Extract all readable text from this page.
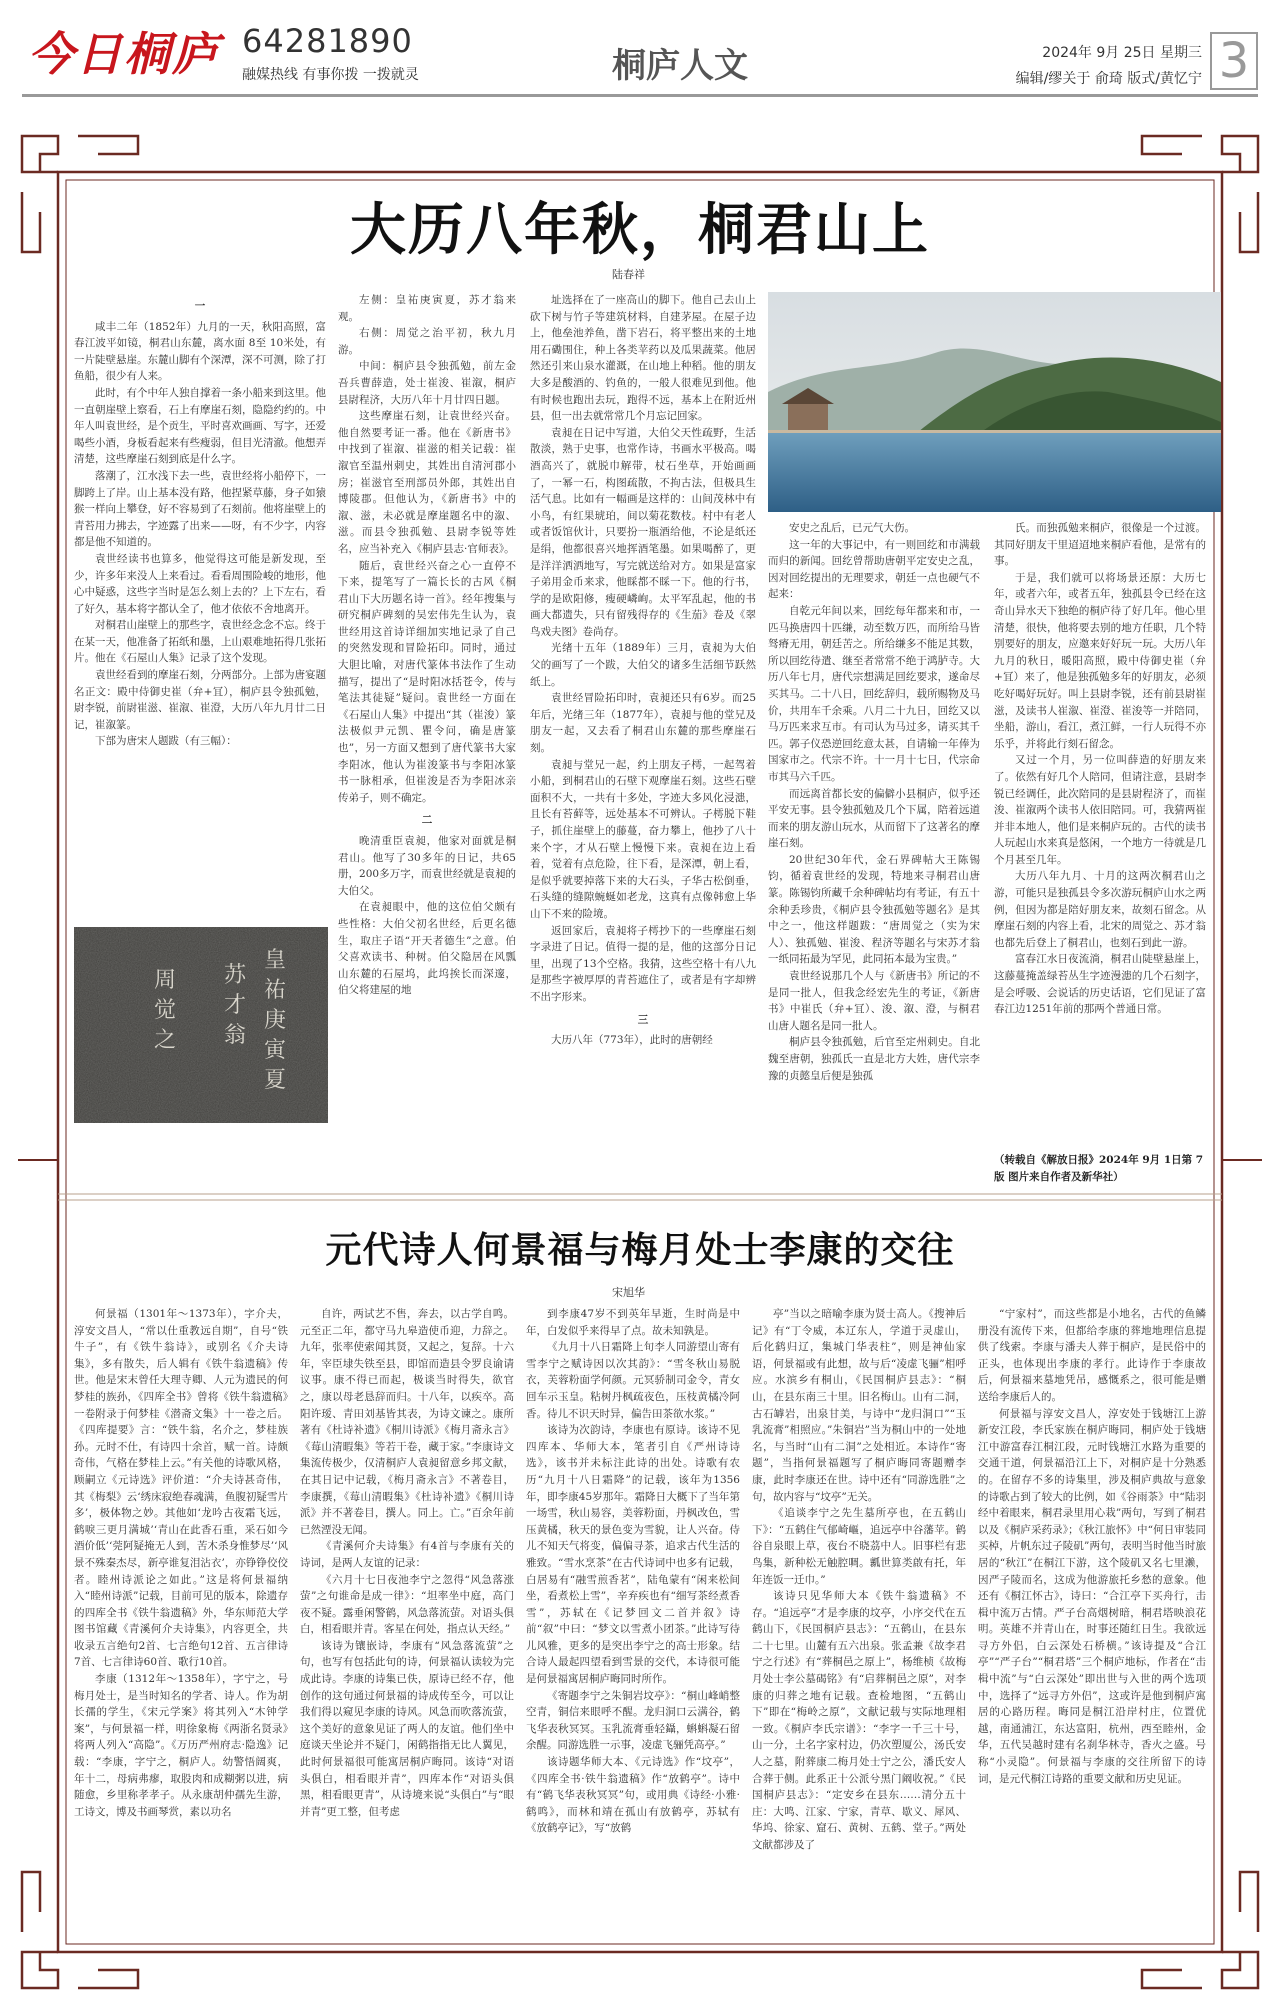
今日桐庐 64281890
融媒热线 有事你拨 一拨就灵	桐庐人文	2024年 9月 25日 星期三
编辑/缪关于 俞琦 版式/黄忆宁 3
大历八年秋，桐君山上
陆春祥

一

咸丰二年（1852年）九月的一天，秋阳高照，富春江波平如镜，桐君山东麓，离水面 8至 10米处，有一片陡壁悬崖。东麓山脚有个深潭，深不可测，除了打鱼船，很少有人来。

此时，有个中年人独自撑着一条小船来到这里。他一直朝崖壁上察看，石上有摩崖石刻，隐隐约约的。中年人叫袁世经，是个贡生，平时喜欢画画、写字，还爱喝些小酒，身板看起来有些瘦弱，但目光清澈。他想弄清楚，这些摩崖石刻到底是什么字。

落潮了，江水浅下去一些，袁世经将小船停下，一脚跨上了岸。山上基本没有路，他捏紧草藤，身子如猿猴一样向上攀登，好不容易到了石刻前。他将崖壁上的青苔用力拂去，字迹露了出来——呀，有不少字，内容都是他不知道的。

袁世经读书也算多，他觉得这可能是新发现，至少，许多年来没人上来看过。看看周围险峻的地形，他心中疑惑，这些字当时是怎么刻上去的？上下左右，看了好久，基本将字都认全了，他才依依不舍地离开。

对桐君山崖壁上的那些字，袁世经念念不忘。终于在某一天，他准备了拓纸和墨，上山艰难地拓得几张拓片。他在《石屋山人集》记录了这个发现。

袁世经看到的摩崖石刻，分两部分。上部为唐宴题名正文：殿中侍御史崔（弁+冝），桐庐县令独孤勉，尉李锐，前尉崔滋、崔溆、崔澄，大历八年九月廿二日记，崔溆篆。

下部为唐宋人题跋（有三幅）：

皇
祐
庚
寅
夏
苏
才
翁
周
觉
之

左侧：皇祐庚寅夏，苏才翁来观。

右侧：周觉之治平初，秋九月游。

中间：桐庐县令独孤勉，前左金吾兵曹薛造，处士崔浚、崔溆，桐庐县尉程济，大历八年十月廿四日题。

这些摩崖石刻，让袁世经兴奋。他自然要考证一番。他在《新唐书》中找到了崔溆、崔滋的相关记载：崔溆官至温州刺史，其姓出自清河郡小房；崔滋官至刑部员外郎，其姓出自博陵郡。但他认为，《新唐书》中的溆、滋，未必就是摩崖题名中的溆、滋。而县令独孤勉、县尉李锐等姓名，应当补充入《桐庐县志·官师表》。

随后，袁世经兴奋之心一直停不下来，提笔写了一篇长长的古风《桐君山下大历题名诗一首》。经年搜集与研究桐庐碑刻的吴宏伟先生认为，袁世经用这首诗详细加实地记录了自己的突然发现和冒险拓印。同时，通过大胆比喻，对唐代篆体书法作了生动描写，提出了“是时阳冰括苍令，传与笔法其徒疑”疑问。袁世经一方面在《石屋山人集》中提出“其（崔浚）篆法极似尹元凯、瞿令问，确是唐篆也”，另一方面又想到了唐代篆书大家李阳冰，他认为崔浚篆书与李阳冰篆书一脉相承，但崔浚是否为李阳冰亲传弟子，则不确定。

二

晚清重臣袁昶，他家对面就是桐君山。他写了30多年的日记，共65册，200多万字，而袁世经就是袁昶的大伯父。

在袁昶眼中，他的这位伯父颇有些性格：大伯父初名世经，后更名德生，取庄子语“开天者德生”之意。伯父喜欢读书、种树。伯父隐居在风瓢山东麓的石屋坞，此坞挨长而深邃，伯父将建屋的地

址选择在了一座高山的脚下。他自己去山上砍下树与竹子等建筑材料，自建茅屋。在屋子边上，他垒池养鱼，凿下岩石，将平整出来的土地用石磡围住，种上各类苹药以及瓜果蔬菜。他居然还引来山泉水灌溉，在山地上种稻。他的朋友大多是酸酒的、钓鱼的，一般人很难见到他。他有时候也跑出去玩，跑得不远，基本上在附近州县，但一出去就常常几个月忘记回家。

袁昶在日记中写道，大伯父天性疏野，生活散淡，熟于史事，也常作诗，书画水平极高。喝酒高兴了，就脱巾解带，杖石坐草，开始画画了，一幂一石，构图疏散，不拘古法，但极具生活气息。比如有一幅画是这样的：山间茂林中有小鸟，有红果琥珀，间以菊花数枝。村中有老人或者饭馆伙计，只要扮一瓶酒给他，不论是纸还是绢，他都很喜兴地挥酒笔墨。如果喝醉了，更是洋洋洒洒地写，写完就送给对方。如果是富家子弟用金币来求，他睬都不睬一下。他的行书，学的是欧阳修，瘦硬嶙峋。太平军乱起，他的书画大都遗失，只有留残得存的《生茄》卷及《翠鸟戏夫图》卷尚存。

光绪十五年（1889年）三月，袁昶为大伯父的画写了一个跋，大伯父的诸多生活细节跃然纸上。

袁世经冒险拓印时，袁昶还只有6岁。而25年后，光绪三年（1877年），袁昶与他的堂兄及朋友一起，又去看了桐君山东麓的那些摩崖石刻。

袁昶与堂兄一起，约上朋友子樗，一起驾着小船，到桐君山的石壁下观摩崖石刻。这些石壁面积不大，一共有十多处，字迹大多风化浸漶，且长有苔藓等，远处基本不可辨认。子樗脱下鞋子，抓住崖壁上的藤蔓，奋力攀上，他抄了八十来个字，才从石壁上慢慢下来。袁昶在边上看着，觉着有点危险，往下看，是深潭，朝上看，是似乎就要掉落下来的大石头，子华古松倒垂，石头缝的缝隙蜿蜒如老龙，这真有点像韩愈上华山下不来的险境。

返回家后，袁昶将子樗抄下的一些摩崖石刻字录进了日记。值得一提的是，他的这部分日记里，出现了13个空格。我猜，这些空格十有八九是那些字被厚厚的青苔遮住了，或者是有字却辨不出字形来。

三

大历八年（773年），此时的唐朝经

安史之乱后，已元气大伤。

这一年的大事记中，有一则回纥和市满载而归的新闻。回纥曾帮助唐朝平定安史之乱，因对回纥提出的无理要求，朝廷一点也硬气不起来：

自乾元年间以来，回纥每年都来和市，一匹马换唐四十匹缣，动至数万匹，而所给马皆驽瘠无用，朝廷苦之。所给缣多不能足其数，所以回纥待遣、继至者常常不绝于鸿胪寺。大历八年七月，唐代宗想满足回纥要求，遂命尽买其马。二十八日，回纥辞归，载所赐物及马价，共用车千余乘。八月二十九日，回纥又以马万匹来求互市。有司认为马过多，请买其千匹。郭子仪恐逆回纥意太甚，自请输一年俸为国家市之。代宗不许。十一月十七日，代宗命市其马六千匹。

而远离首都长安的偏僻小县桐庐，似乎还平安无事。县令独孤勉及几个下属，陪着远道而来的朋友游山玩水，从而留下了这著名的摩崖石刻。

20世纪30年代，金石界碑帖大王陈锡钧，循着袁世经的发现，特地来寻桐君山唐篆。陈锡钧所藏千余种碑帖均有考证，有五十余种丢珍贵，《桐庐县令独孤勉等题名》是其中之一，他这样题跋：“唐周觉之（实为宋人）、独孤勉、崔浚、程济等题名与宋苏才翁一纸同拓最为罕见，此同拓本最为宝贵。”

袁世经说那几个人与《新唐书》所记的不是同一批人，但我念经宏先生的考证，《新唐书》中崔氏（弁+冝）、浚、溆、澄，与桐君山唐人题名是同一批人。

桐庐县令独孤勉，后官至定州刺史。自北魏至唐朝，独孤氏一直是北方大姓，唐代宗李豫的贞懿皇后便是独孤

氏。而独孤勉来桐庐，很像是一个过渡。其同好朋友干里迢迢地来桐庐看他，是常有的事。

于是，我们就可以将场景还原：大历七年，或者六年，或者五年，独孤县令已经在这奇山异水天下独绝的桐庐待了好几年。他心里清楚，很快，他将要去别的地方任职，几个特别要好的朋友，应邀来好好玩一玩。大历八年九月的秋日，暖阳高照，殿中侍御史崔（弁+冝）来了，他是独孤勉多年的好朋友，必须吃好喝好玩好。叫上县尉李锐，还有前县尉崔滋，及读书人崔溆、崔澄、崔浚等一并陪同，坐船，游山，看江，煮江鲜，一行人玩得不亦乐乎，并将此行刻石留念。

又过一个月，另一位叫薛造的好朋友来了。依然有好几个人陪同，但请注意，县尉李锐已经调任，此次陪同的是县尉程济了，而崔浚、崔溆两个读书人依旧陪同。可，我猜两崔并非本地人，他们是来桐庐玩的。古代的读书人玩起山水来真是悠闲，一个地方一待就是几个月甚至几年。

大历八年九月、十月的这两次桐君山之游，可能只是独孤县令多次游玩桐庐山水之两例，但因为都是陪好朋友来，故刻石留念。从摩崖石刻的内容上看，北宋的周觉之、苏才翁也都先后登上了桐君山，也刻石到此一游。

富春江水日夜流淌，桐君山陡壁悬崖上，这藤蔓掩盖绿苔丛生字迹漫漶的几个石刻字，是会呼吸、会说话的历史话语，它们见证了富春江边1251年前的那两个普通日常。

（转载自《解放日报》2024年 9月 1日第 7版 图片来自作者及新华社）
元代诗人何景福与梅月处士李康的交往
宋旭华

何景福（1301年～1373年），字介夫，淳安文昌人，“常以仕重教远自期”，自号“铁牛子”，有《铁牛翁诗》，或别名《介夫诗集》，多有散失，后人辑有《铁牛翁遗稿》传世。他是宋末曾任大理寺卿、人元为遗民的何梦桂的族孙，《四库全书》曾将《铁牛翁遗稿》一卷附录于何梦桂《潜斋文集》十一卷之后。《四库提要》言：“铁牛翁，名介之，梦桂族孙。元时不仕，有诗四十余首，赋一首。诗颇奇伟，气格在梦桂上云。”有关他的诗歌风格，顾嗣立《元诗选》评价道：“介夫诗甚奇伟，其《梅梨》云‘绣床寂绝春魂满，鱼腹初疑雪片多’，极体物之妙。其他如‘龙吟古夜霜飞远，鹤唳三更月满城’‘青山在此香石重，采石如今酒价低’‘莞阿疑掩无人到，苦木杀身惟梦尽’‘风景不殊秦杰尽，新亭谁复泪沾衣’，亦铮铮佼佼者。睦州诗派论之如此。”这是将何景福纳入“睦州诗派”记载，目前可见的版本，除遗存的四库全书《铁牛翁遗稿》外，华东师范大学图书馆藏《青溪何介夫诗集》，内容更全，共收录五言绝句2首、七言绝句12首、五言律诗7首、七言律诗60首、歌行10首。

李康（1312年～1358年），字宁之，号梅月处士，是当时知名的学者、诗人。作为胡长孺的学生，《宋元学案》将其列入“木钟学案”，与何景福一样，明徐象梅《两浙名贤录》将两人列入“高隐”。《万历严州府志·隐逸》记载：“李康，字宁之，桐庐人。幼警悟阔爽，年十二，母病弗瘳，取股肉和成糊粥以进，病随愈，乡里称孝孝子。从永康胡仲孺先生游，工诗文，博及书画琴赏，素以功名

自许，两试艺不售，奔去，以古学自鸣。元至正二年，都守马九皋造使币迎，力辞之。九年，张率使索闻其贤，又起之，复辞。十六年，宰臣埭失铁至县，即馆而造县令罗良谕请议事。康不得已而起，极谈当时得失，欲官之，康以母老恳辞而归。十八年，以疾卒。高阳许瑷、青田刘基皆其表，为诗文谏之。康所著有《杜诗补遗》《桐川诗派》《梅月斋永言》《莓山清暇集》等若干卷，藏于家。”李康诗文集流传极少，仅清桐庐人袁昶留意乡邦文献，在其日记中记载，《梅月斋永言》不著卷目，李康撰，《莓山清暇集》《杜诗补遗》《桐川诗派》并不著卷目，撰人。同上。亡。”百余年前已然湮没无闻。

《青溪何介夫诗集》有4首与李康有关的诗词，是两人友谊的记录：

《六月十七日夜池李宁之忽得“风急落涨萤”之句谁命是成一律》：“坦率坐中庭，高门夜不疑。露垂闲警鹤，风急落流萤。对语头俱白，相看眼并青。客星在何处，指点认天经。”

该诗为镶嵌诗，李康有“风急落流萤”之句，也写有包括此句的诗，何景福认读较为完成此诗。李康的诗集已佚，原诗已经不存，他创作的这句通过何景福的诗成传至今，可以让我们得以窥见李康的诗风。风急而吹落流萤，这个美好的意象见证了两人的友谊。他们坐中庭谈天坐论并不疑门，闲鹤指指无比人翼见，此时何景福很可能寓居桐庐晦同。该诗“对语头俱白，相看眼并青”，四库本作“对语头俱黑，相看眼更青”，从诗境来说“头俱白”与“眼并青”更工整，但考虑

到李康47岁不到英年早逝，生时尚是中年，白发似乎来得早了点。故未知孰是。

《九月十八日霜降上旬李人同游望山寄有雪李宁之赋诗因以次其韵》：“雪冬秋山易脱衣，芙蓉粉面学何颜。元冥骄制司金令，青女回车示玉皇。粘树丹枫疏夜色，压枝黄橘冷阿香。待儿不识天时异，偏告田茶欲水浆。”

该诗为次韵诗，李康也有原诗。该诗不见四库本、华师大本，笔者引自《严州诗诗选》，该书并未标注此诗的出处。诗歌有农历“九月十八日霜降”的记载，该年为1356年，即李康45岁那年。霜降日大概下了当年第一场雪，秋山易容，美蓉粉面，丹枫改色，雪压黄橘，秋天的景色变为雪貌，让人兴奋。侍儿不知天气将变，偏偏寻茶，追求古代生活的雅致。“雪水烹茶”在古代诗词中也多有记载，白居易有“融雪煎香茗”，陆龟蒙有“闲来松间坐，看煮松上雪”，辛弃疾也有“细写茶经煮香雪”，苏轼在《记梦回文二首并叙》诗前“叙”中曰：“梦文以雪煮小团茶。”此诗写待儿风雅，更多的是突出李宁之的高士形象。结合诗人最起四望看到雪景的交代，本诗很可能是何景福寓居桐庐晦同时所作。

《寄题李宁之朱铜岩坟亭》：“桐山峰峭整空青，铜信来眼呼不醒。龙归洞口云满谷，鹤飞华表秋冥冥。玉乳流膏垂轻鑷，蝌蝌凝石留余醒。同游选胜一示事，凌虚飞骊凭高亭。”

该诗题华师大本、《元诗选》作“坟亭”，《四库全书·铁牛翁遗稿》作“放鹤亭”。诗中有“鹤飞华表秋冥冥”句，或用典《诗经·小雅·鹤鸣》，而林和靖在孤山有放鹤亭，苏轼有《放鹤亭记》，写“放鹤

亭”当以之暗喻李康为贤士高人。《搜神后记》有“丁令威，本辽东人，学道于灵虚山，后化鹤归辽，集城门华表柱”，则是神仙家语，何景福或有此想，故与后“凌虚飞骊”相呼应。水滨乡有桐山，《民国桐庐县志》：“桐山，在县东南三十里。旧名梅山。山有二洞，古石罅岩，出泉甘美，与诗中“龙归洞口”“玉乳流膏”相照应。”朱铜岩”当为桐山中的一处地名，与当时“山有二洞”之处相近。本诗作“寄题”，当指何景福题写了桐庐晦同寄题赠李康，此时李康还在世。诗中还有“同游选胜”之句，故内容与“坟亭”无关。

《追谈李宁之先生墓所亭也，在五鹤山下》：“五鹤住气郁崎嶇，追远亭中谷藩苹。鹤谷自泉眼上草，夜台不晓茘中人。旧事栏有悲鸟集，新种松无触腔啁。瓤世算类啟有托，年年连饭一迁巾。”

该诗只见华师大本《铁牛翁遗稿》不存。“追远亭”才是李康的坟亭，小序交代在五鹤山下，《民国桐庐县志》：“五鹤山，在县东二十七里。山麓有五六出泉。张孟兼《故李君宁之行述》有“葬桐邑之原上”，杨维桢《故梅月处士李公墓碣铭》有“启葬桐邑之原”，对李康的归葬之地有记载。查检地图，“五鹤山下”即在“梅岭之原”，文献记载与实际地理相一致。《桐庐李氏宗谱》：“李字一千三十号，山一分，土名字家村边，仍次塑厦公，汤氏安人之墓，附葬康二梅月处士宁之公，潘氏安人合葬于侧。此系正十公派兮黑门阚收祝。”《民国桐庐县志》：“定安乡在县东……清分五十庄：大鸣、江家、宁家，青草、歇义、犀风、华坞、徐家、窟石、黄树、五鹤、堂子。”两处文献都涉及了

“宁家村”，而这些都是小地名，古代的鱼鳞册没有流传下来，但都给李康的葬地地理信息提供了线索。李康与潘夫人葬于桐庐，是民俗中的正头，也体现出李康的孝行。此诗作于李康故后，何景福来墓地凭吊，感慨系之，很可能是赠送给李康后人的。

何景福与淳安文昌人，淳安处于钱塘江上游新安江段，李氏家族在桐庐晦同，桐庐处于钱塘江中游富春江桐江段，元时钱塘江水路为重要的交通干道，何景福沿江上下，对桐庐是十分熟悉的。在留存不多的诗集里，涉及桐庐典故与意象的诗歌占到了较大的比例，如《谷雨茶》中“陆羽经中着眼来，桐君录里用心栽”两句，写到了桐君以及《桐庐采药录》；《秋江旅怀》中“何日审装同买棹，片帆东过子陵矶”两句，表明当时他当时旅居的“秋江”在桐江下游，这个陵矶又名七里濑，因严子陵而名，这成为他游旅托乡愁的意象。他还有《桐江怀古》，诗曰：“合江亭下买舟行，击楫中流万古情。严子台高烟树暗，桐君塔映浪花明。英雄不并青山在，时事还随红日生。我欲远寻方外侣，白云深处石桥横。”该诗提及“合江亭”“严子台”“桐君塔”三个桐庐地标，作者在“击楫中流”与“白云深处”即出世与入世的两个选项中，选择了“远寻方外侣”，这或许是他到桐庐寓居的心路历程。晦同是桐江沿岸村庄，位置优越，南通浦江，东达富阳，杭州，西至睦州，金华，五代吴越时建有名刹华林寺，香火之盛。号称“小灵隐”。何景福与李康的交往所留下的诗词，是元代桐江诗路的重要文献和历史见证。
